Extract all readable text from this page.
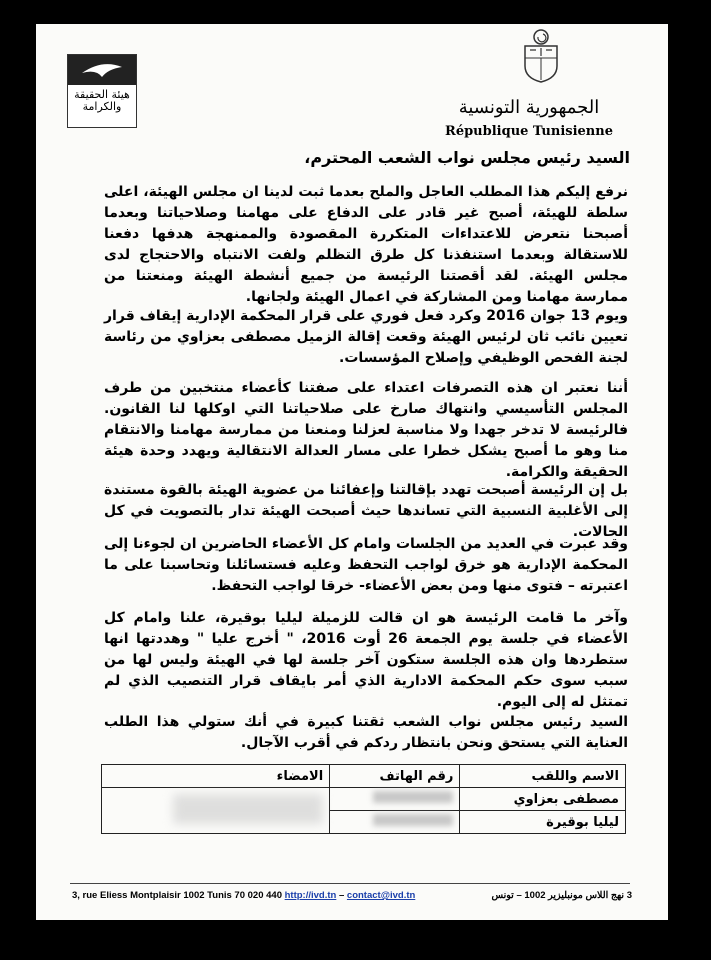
هيئة الحقيقة والكرامة	الجمهورية التونسية
République Tunisienne
السيد رئيس مجلس نواب الشعب المحترم،
نرفع إليكم هذا المطلب العاجل والملح بعدما ثبت لدينا ان مجلس الهيئة، اعلى سلطة للهيئة، أصبح غير قادر على الدفاع على مهامنا وصلاحياتنا وبعدما أصبحنا نتعرض للاعتداءات المتكررة المقصودة والممنهجة هدفها دفعنا للاستقالة وبعدما استنفذنا كل طرق التظلم ولفت الانتباه والاحتجاج لدى مجلس الهيئة. لقد أقصتنا الرئيسة من جميع أنشطة الهيئة ومنعتنا من ممارسة مهامنا ومن المشاركة في اعمال الهيئة ولجانها.
ويوم 13 جوان 2016 وكرد فعل فوري على قرار المحكمة الإدارية إيقاف قرار تعيين نائب ثان لرئيس الهيئة وقعت إقالة الزميل مصطفى بعزاوي من رئاسة لجنة الفحص الوظيفي وإصلاح المؤسسات.
أننا نعتبر ان هذه التصرفات اعتداء على صفتنا كأعضاء منتخبين من طرف المجلس التأسيسي وانتهاك صارخ على صلاحياتنا التي اوكلها لنا القانون. فالرئيسة لا تدخر جهدا ولا مناسبة لعزلنا ومنعنا من ممارسة مهامنا والانتقام منا وهو ما أصبح يشكل خطرا على مسار العدالة الانتقالية ويهدد وحدة هيئة الحقيقة والكرامة.
بل إن الرئيسة أصبحت تهدد بإقالتنا وإعفائنا من عضوية الهيئة بالقوة مستندة إلى الأغلبية النسبية التي تساندها حيث أصبحت الهيئة تدار بالتصويت في كل الحالات.
وقد عبرت في العديد من الجلسات وامام كل الأعضاء الحاضرين ان لجوءنا إلى المحكمة الإدارية هو خرق لواجب التحفظ وعليه فستسائلنا وتحاسبنا على ما اعتبرته – فتوى منها ومن بعض الأعضاء- خرقا لواجب التحفظ.
وآخر ما قامت الرئيسة هو ان قالت للزميلة ليليا بوقيرة، علنا وامام كل الأعضاء في جلسة يوم الجمعة 26 أوت 2016، " أخرج عليا " وهددتها انها ستطردها وان هذه الجلسة ستكون آخر جلسة لها في الهيئة وليس لها من سبب سوى حكم المحكمة الادارية الذي أمر بايقاف قرار التنصيب الذي لم تمتثل له إلى اليوم.
السيد رئيس مجلس نواب الشعب ثقتنا كبيرة في أنك ستولي هذا الطلب العناية التي يستحق ونحن بانتظار ردكم في أقرب الآجال.
الاسم واللقب	رقم الهاتف	الامضاء
مصطفى بعزاوي		
ليليا بوقيرة		
3, rue Eliess Montplaisir 1002 Tunis 70 020 440 http://ivd.tn – contact@ivd.tn	3 نهج اللاس مونبليزير 1002 – تونس
